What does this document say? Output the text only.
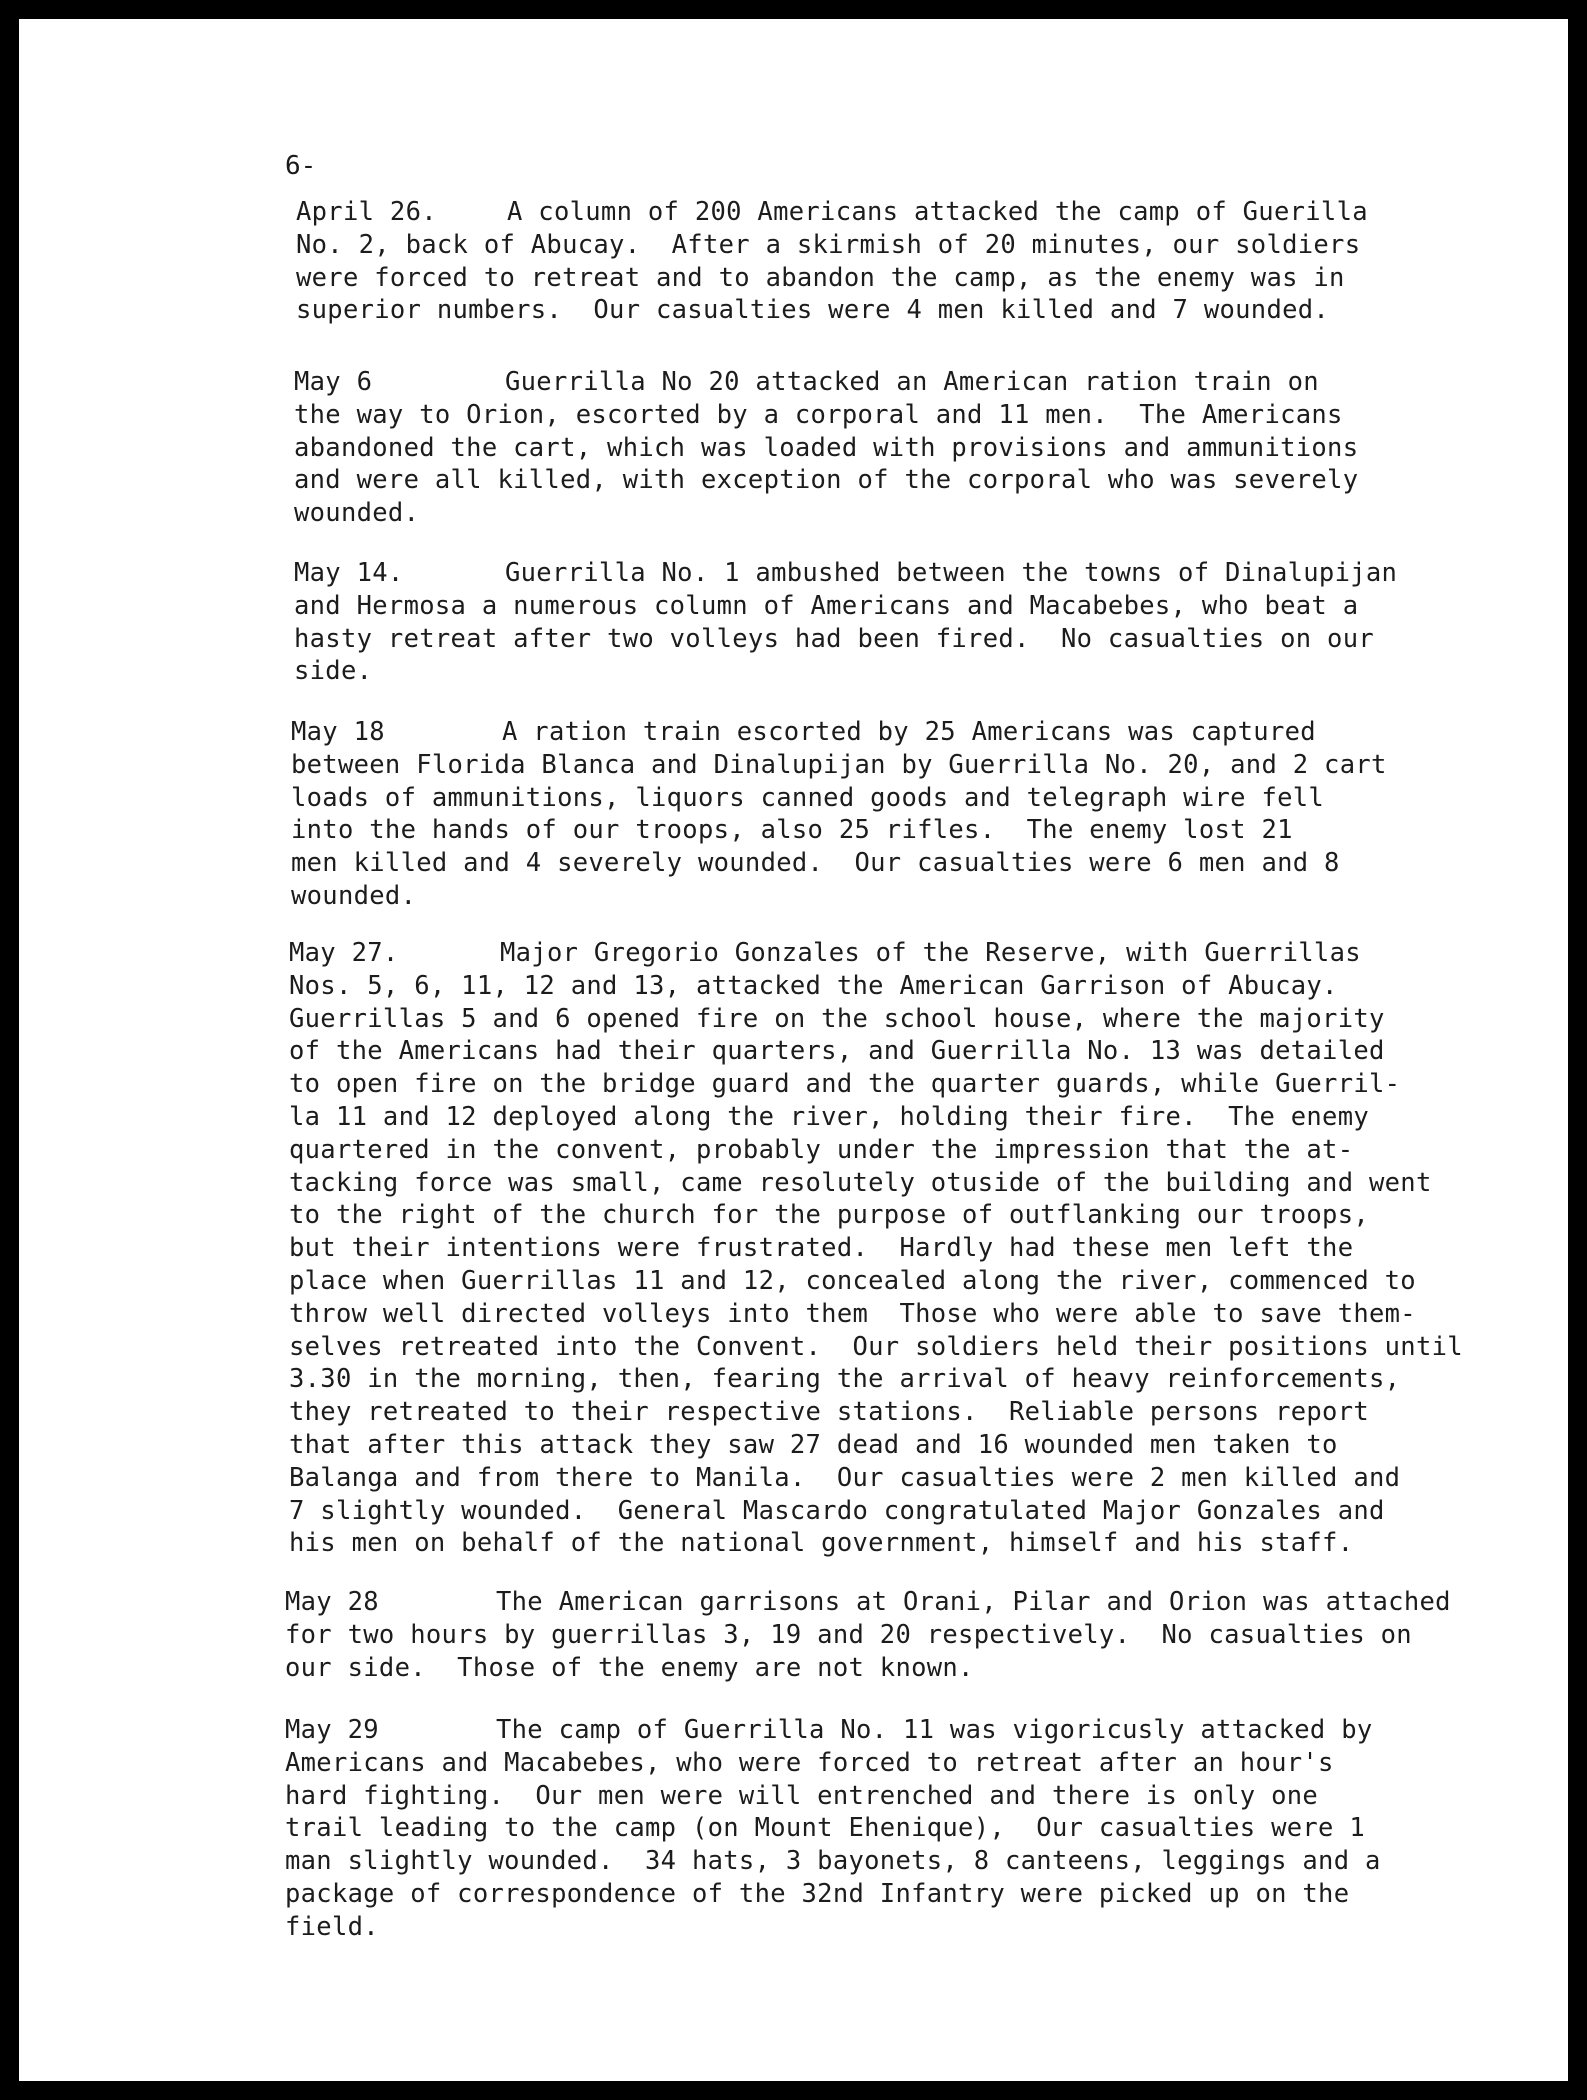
6-

April 26.	A column of 200 Americans attacked the camp of Guerilla
No. 2, back of Abucay.  After a skirmish of 20 minutes, our soldiers
were forced to retreat and to abandon the camp, as the enemy was in
superior numbers.  Our casualties were 4 men killed and 7 wounded.

May 6	Guerrilla No 20 attacked an American ration train on
the way to Orion, escorted by a corporal and 11 men.  The Americans
abandoned the cart, which was loaded with provisions and ammunitions
and were all killed, with exception of the corporal who was severely
wounded.

May 14.	Guerrilla No. 1 ambushed between the towns of Dinalupijan
and Hermosa a numerous column of Americans and Macabebes, who beat a
hasty retreat after two volleys had been fired.  No casualties on our
side.

May 18	A ration train escorted by 25 Americans was captured
between Florida Blanca and Dinalupijan by Guerrilla No. 20, and 2 cart
loads of ammunitions, liquors canned goods and telegraph wire fell
into the hands of our troops, also 25 rifles.  The enemy lost 21
men killed and 4 severely wounded.  Our casualties were 6 men and 8
wounded.

May 27.	Major Gregorio Gonzales of the Reserve, with Guerrillas
Nos. 5, 6, 11, 12 and 13, attacked the American Garrison of Abucay.
Guerrillas 5 and 6 opened fire on the school house, where the majority
of the Americans had their quarters, and Guerrilla No. 13 was detailed
to open fire on the bridge guard and the quarter guards, while Guerril-
la 11 and 12 deployed along the river, holding their fire.  The enemy
quartered in the convent, probably under the impression that the at-
tacking force was small, came resolutely otuside of the building and went
to the right of the church for the purpose of outflanking our troops,
but their intentions were frustrated.  Hardly had these men left the
place when Guerrillas 11 and 12, concealed along the river, commenced to
throw well directed volleys into them  Those who were able to save them-
selves retreated into the Convent.  Our soldiers held their positions until
3.30 in the morning, then, fearing the arrival of heavy reinforcements,
they retreated to their respective stations.  Reliable persons report
that after this attack they saw 27 dead and 16 wounded men taken to
Balanga and from there to Manila.  Our casualties were 2 men killed and
7 slightly wounded.  General Mascardo congratulated Major Gonzales and
his men on behalf of the national government, himself and his staff.

May 28	The American garrisons at Orani, Pilar and Orion was attached
for two hours by guerrillas 3, 19 and 20 respectively.  No casualties on
our side.  Those of the enemy are not known.

May 29	The camp of Guerrilla No. 11 was vigoricusly attacked by
Americans and Macabebes, who were forced to retreat after an hour's
hard fighting.  Our men were will entrenched and there is only one
trail leading to the camp (on Mount Ehenique),  Our casualties were 1
man slightly wounded.  34 hats, 3 bayonets, 8 canteens, leggings and a
package of correspondence of the 32nd Infantry were picked up on the
field.
